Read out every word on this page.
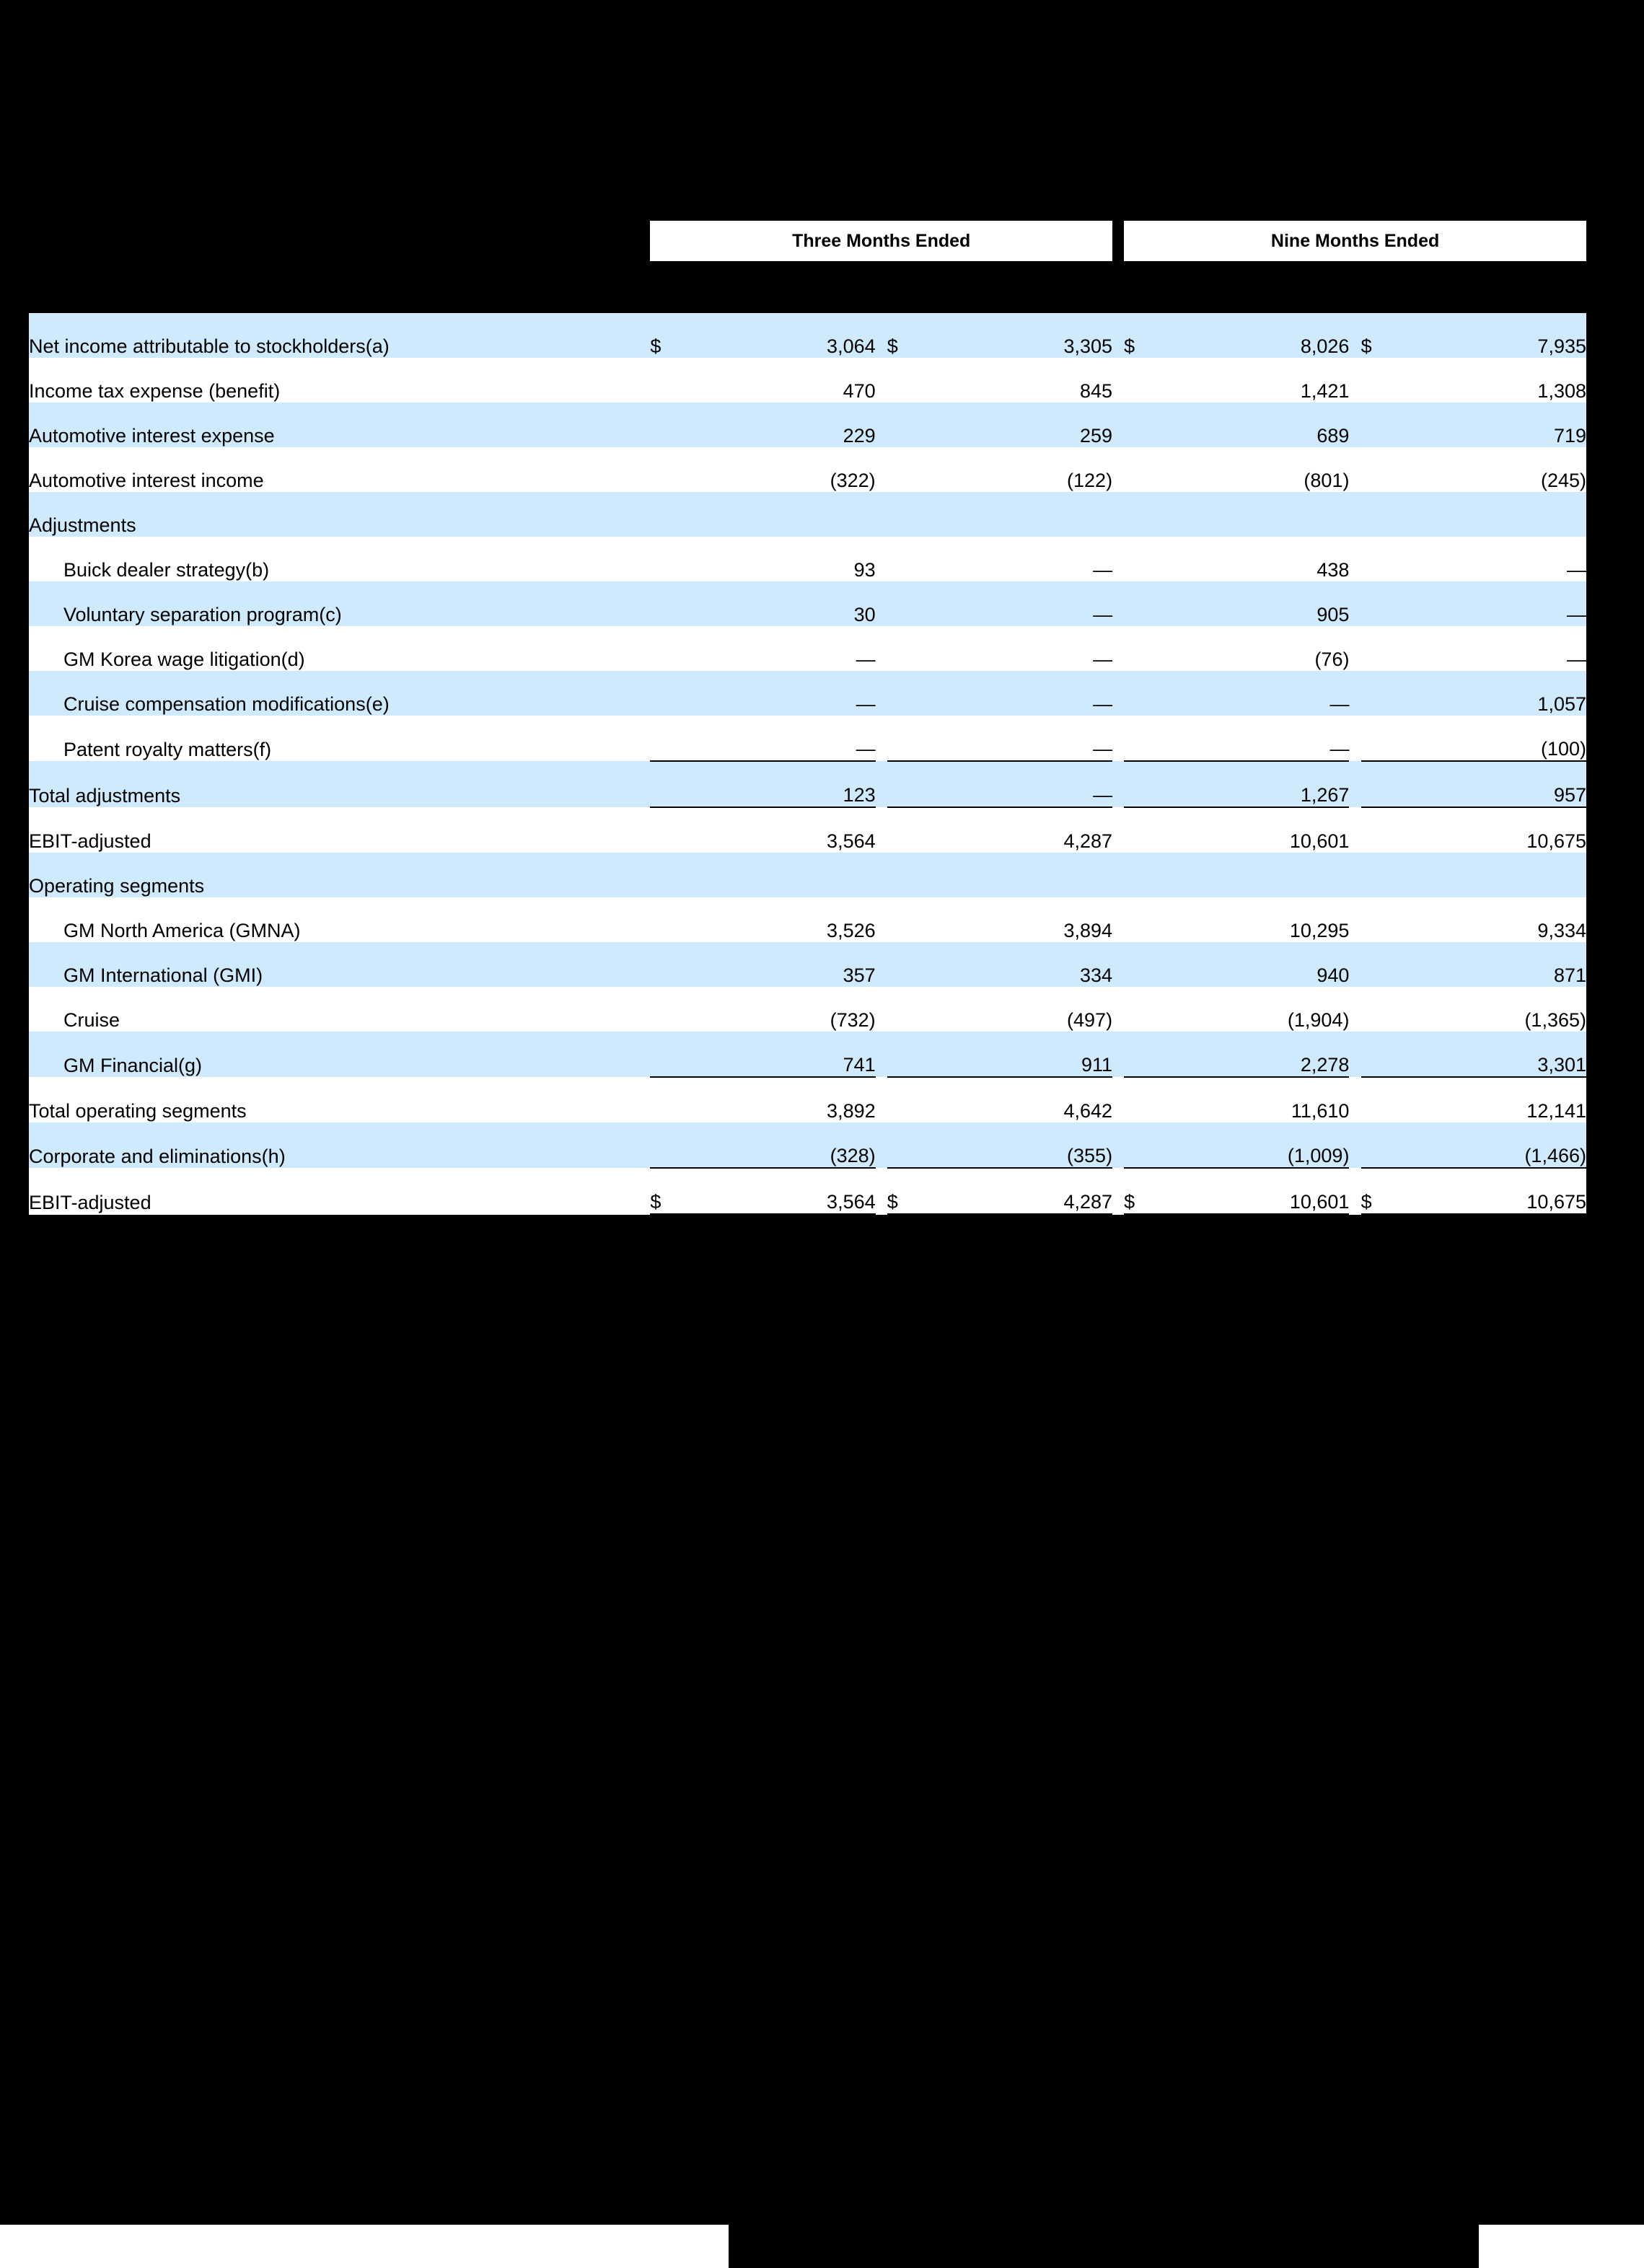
	Three Months Ended						Nine Months Ended				

Net income attributable to stockholders(a)	$	3,064		$	3,305		$	8,026		$	7,935
Income tax expense (benefit)		470			845			1,421			1,308
Automotive interest expense		229			259			689			719
Automotive interest income		(322)			(122)			(801)			(245)
Adjustments											
Buick dealer strategy(b)		93			—			438			—
Voluntary separation program(c)		30			—			905			—
GM Korea wage litigation(d)		—			—			(76)			—
Cruise compensation modifications(e)		—			—			—			1,057
Patent royalty matters(f)		—			—			—			(100)
Total adjustments		123			—			1,267			957
EBIT-adjusted		3,564			4,287			10,601			10,675
Operating segments											
GM North America (GMNA)		3,526			3,894			10,295			9,334
GM International (GMI)		357			334			940			871
Cruise		(732)			(497)			(1,904)			(1,365)
GM Financial(g)		741			911			2,278			3,301
Total operating segments		3,892			4,642			11,610			12,141
Corporate and eliminations(h)		(328)			(355)			(1,009)			(1,466)
EBIT-adjusted	$	3,564		$	4,287		$	10,601		$	10,675
